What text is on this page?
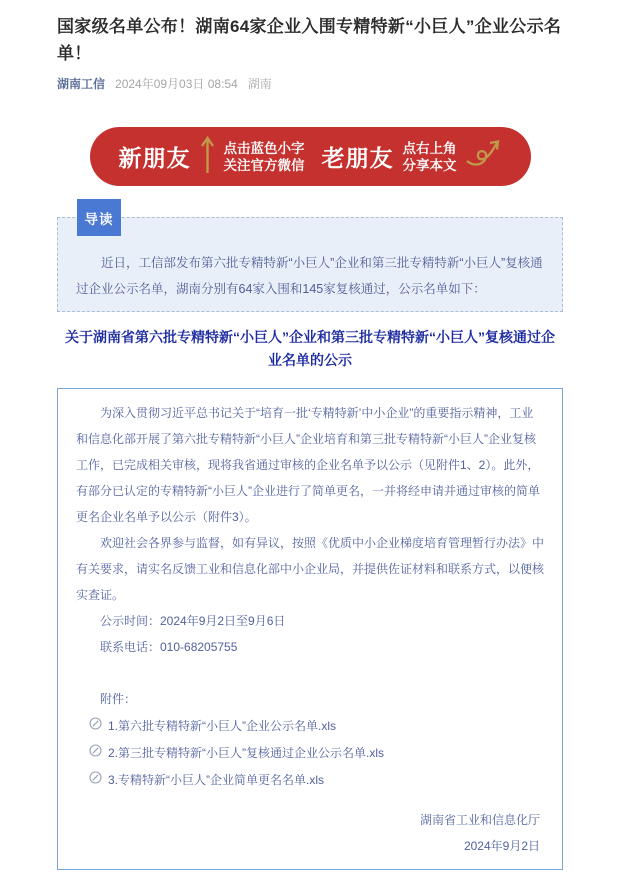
国家级名单公布！湖南64家企业入围专精特新“小巨人”企业公示名单！
湖南工信 2024年09月03日 08:54 湖南
新朋友 点击蓝色小字
关注官方微信 老朋友 点右上角
分享本文
导读

近日，工信部发布第六批专精特新“小巨人”企业和第三批专精特新“小巨人”复核通过企业公示名单，湖南分别有64家入围和145家复核通过，公示名单如下：

关于湖南省第六批专精特新“小巨人”企业和第三批专精特新“小巨人”复核通过企业名单的公示

为深入贯彻习近平总书记关于“培育一批‘专精特新’中小企业”的重要指示精神，工业和信息化部开展了第六批专精特新“小巨人”企业培育和第三批专精特新“小巨人”企业复核工作，已完成相关审核，现将我省通过审核的企业名单予以公示（见附件1、2）。此外，有部分已认定的专精特新“小巨人”企业进行了简单更名，一并将经申请并通过审核的简单更名企业名单予以公示（附件3）。

欢迎社会各界参与监督，如有异议，按照《优质中小企业梯度培育管理暂行办法》中有关要求，请实名反馈工业和信息化部中小企业局，并提供佐证材料和联系方式，以便核实查证。

公示时间：2024年9月2日至9月6日

联系电话：010-68205755

附件：

1.第六批专精特新“小巨人”企业公示名单.xls
2.第三批专精特新“小巨人”复核通过企业公示名单.xls
3.专精特新“小巨人”企业简单更名名单.xls

湖南省工业和信息化厅

2024年9月2日
